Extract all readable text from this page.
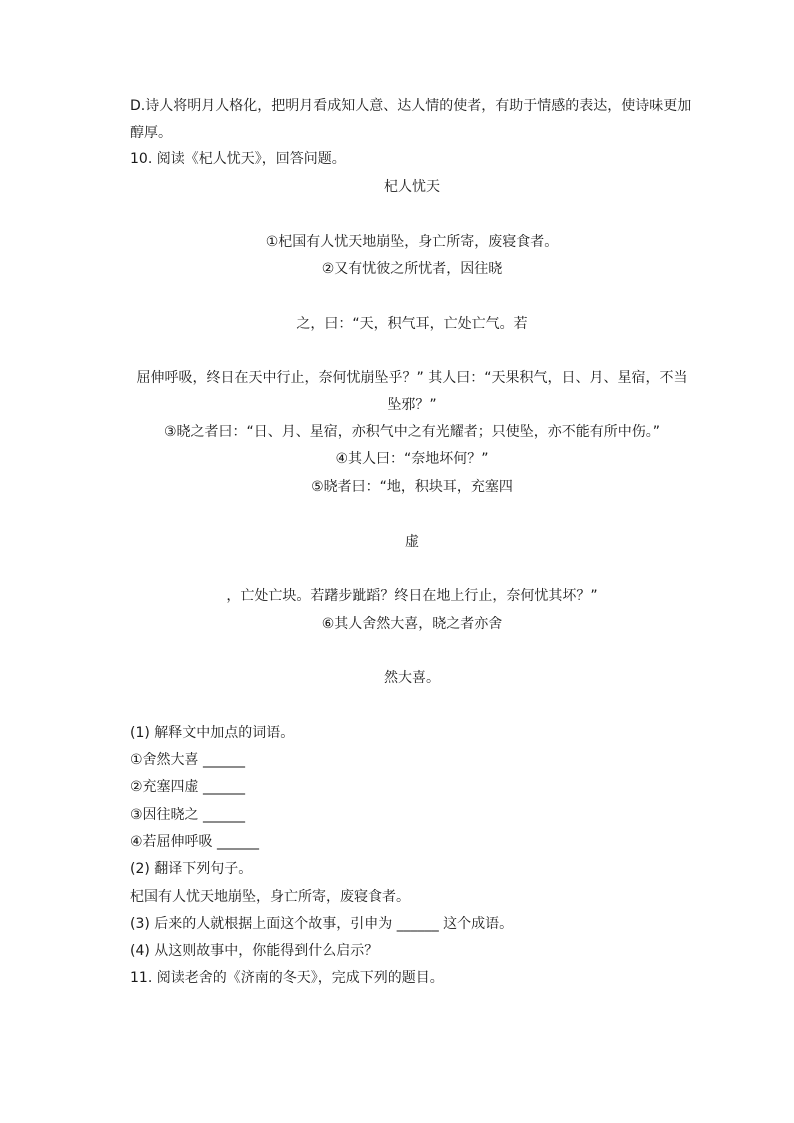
D.诗人将明月人格化，把明月看成知人意、达人情的使者，有助于情感的表达，使诗味更加
醇厚。
10. 阅读《杞人忧天》，回答问题。
杞人忧天
①杞国有人忧天地崩坠，身亡所寄，废寝食者。
②又有忧彼之所忧者，因往晓
之，曰：“天，积气耳，亡处亡气。若
屈伸呼吸，终日在天中行止，奈何忧崩坠乎？” 其人曰：“天果积气，日、月、星宿，不当
坠邪？”
③晓之者曰：“日、月、星宿，亦积气中之有光耀者；只使坠，亦不能有所中伤。”
④其人曰：“奈地坏何？”
⑤晓者曰：“地，积块耳，充塞四
虚
，亡处亡块。若躇步跐蹈？终日在地上行止，奈何忧其坏？”
⑥其人舍然大喜，晓之者亦舍
然大喜。
(1) 解释文中加点的词语。
①舍然大喜 ______
②充塞四虚 ______
③因往晓之 ______
④若屈伸呼吸 ______
(2) 翻译下列句子。
杞国有人忧天地崩坠，身亡所寄，废寝食者。
(3) 后来的人就根据上面这个故事，引申为 ______ 这个成语。
(4) 从这则故事中，你能得到什么启示？
11. 阅读老舍的《济南的冬天》，完成下列的题目。
